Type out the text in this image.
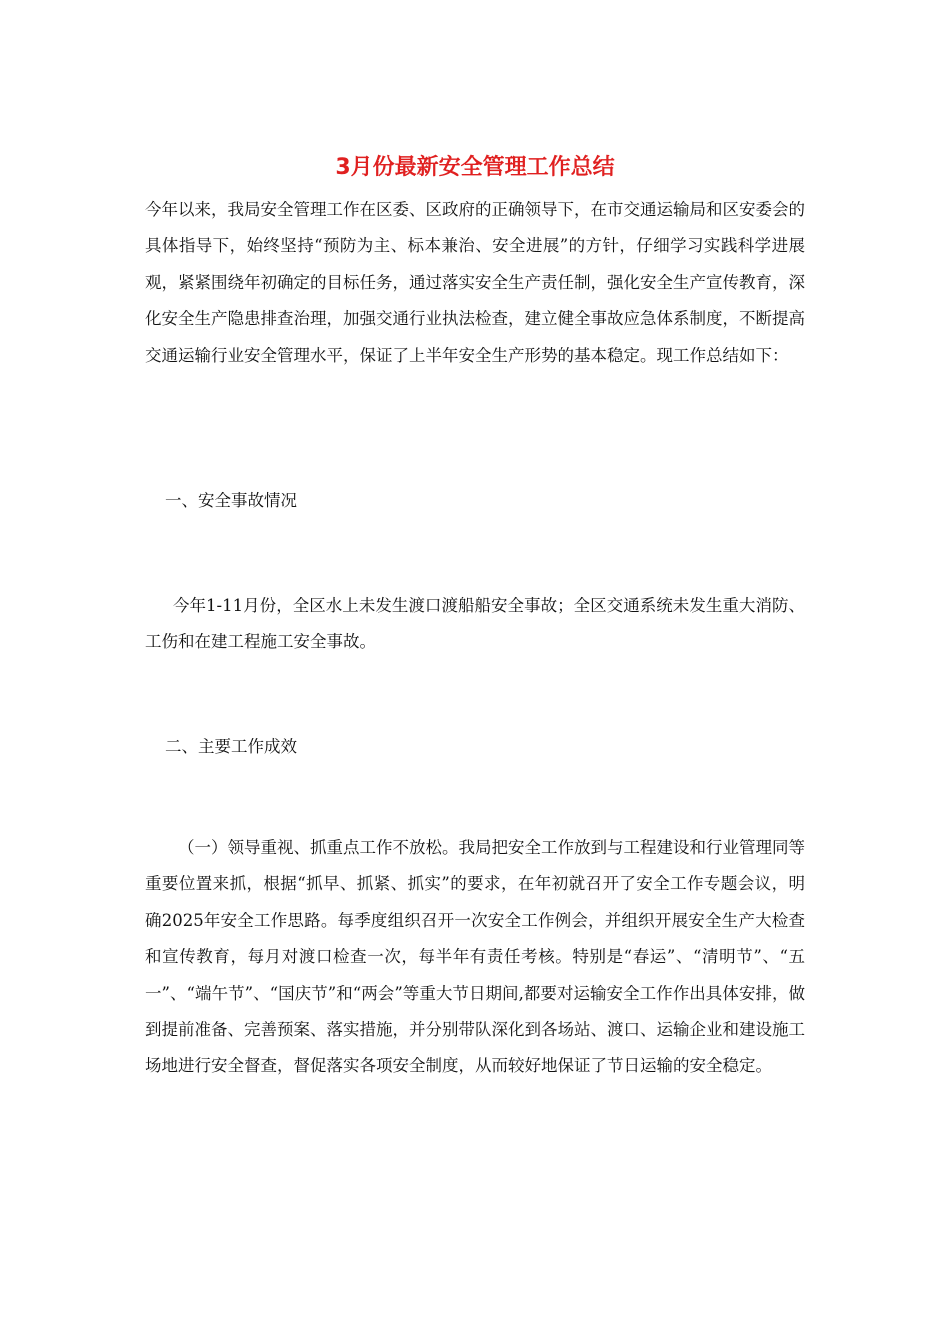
3月份最新安全管理工作总结

今年以来，我局安全管理工作在区委、区政府的正确领导下，在市交通运输局和区安委会的具体指导下，始终坚持“预防为主、标本兼治、安全进展”的方针，仔细学习实践科学进展观，紧紧围绕年初确定的目标任务，通过落实安全生产责任制，强化安全生产宣传教育，深化安全生产隐患排查治理，加强交通行业执法检查，建立健全事故应急体系制度，不断提高交通运输行业安全管理水平，保证了上半年安全生产形势的基本稳定。现工作总结如下：

一、安全事故情况

今年1-11月份，全区水上未发生渡口渡船船安全事故；全区交通系统未发生重大消防、工伤和在建工程施工安全事故。

二、主要工作成效

（一）领导重视、抓重点工作不放松。我局把安全工作放到与工程建设和行业管理同等重要位置来抓，根据“抓早、抓紧、抓实”的要求，在年初就召开了安全工作专题会议，明确2025年安全工作思路。每季度组织召开一次安全工作例会，并组织开展安全生产大检查和宣传教育，每月对渡口检查一次，每半年有责任考核。特别是“春运”、“清明节”、“五一”、“端午节”、“国庆节”和“两会”等重大节日期间,都要对运输安全工作作出具体安排，做到提前准备、完善预案、落实措施，并分别带队深化到各场站、渡口、运输企业和建设施工场地进行安全督查，督促落实各项安全制度，从而较好地保证了节日运输的安全稳定。
